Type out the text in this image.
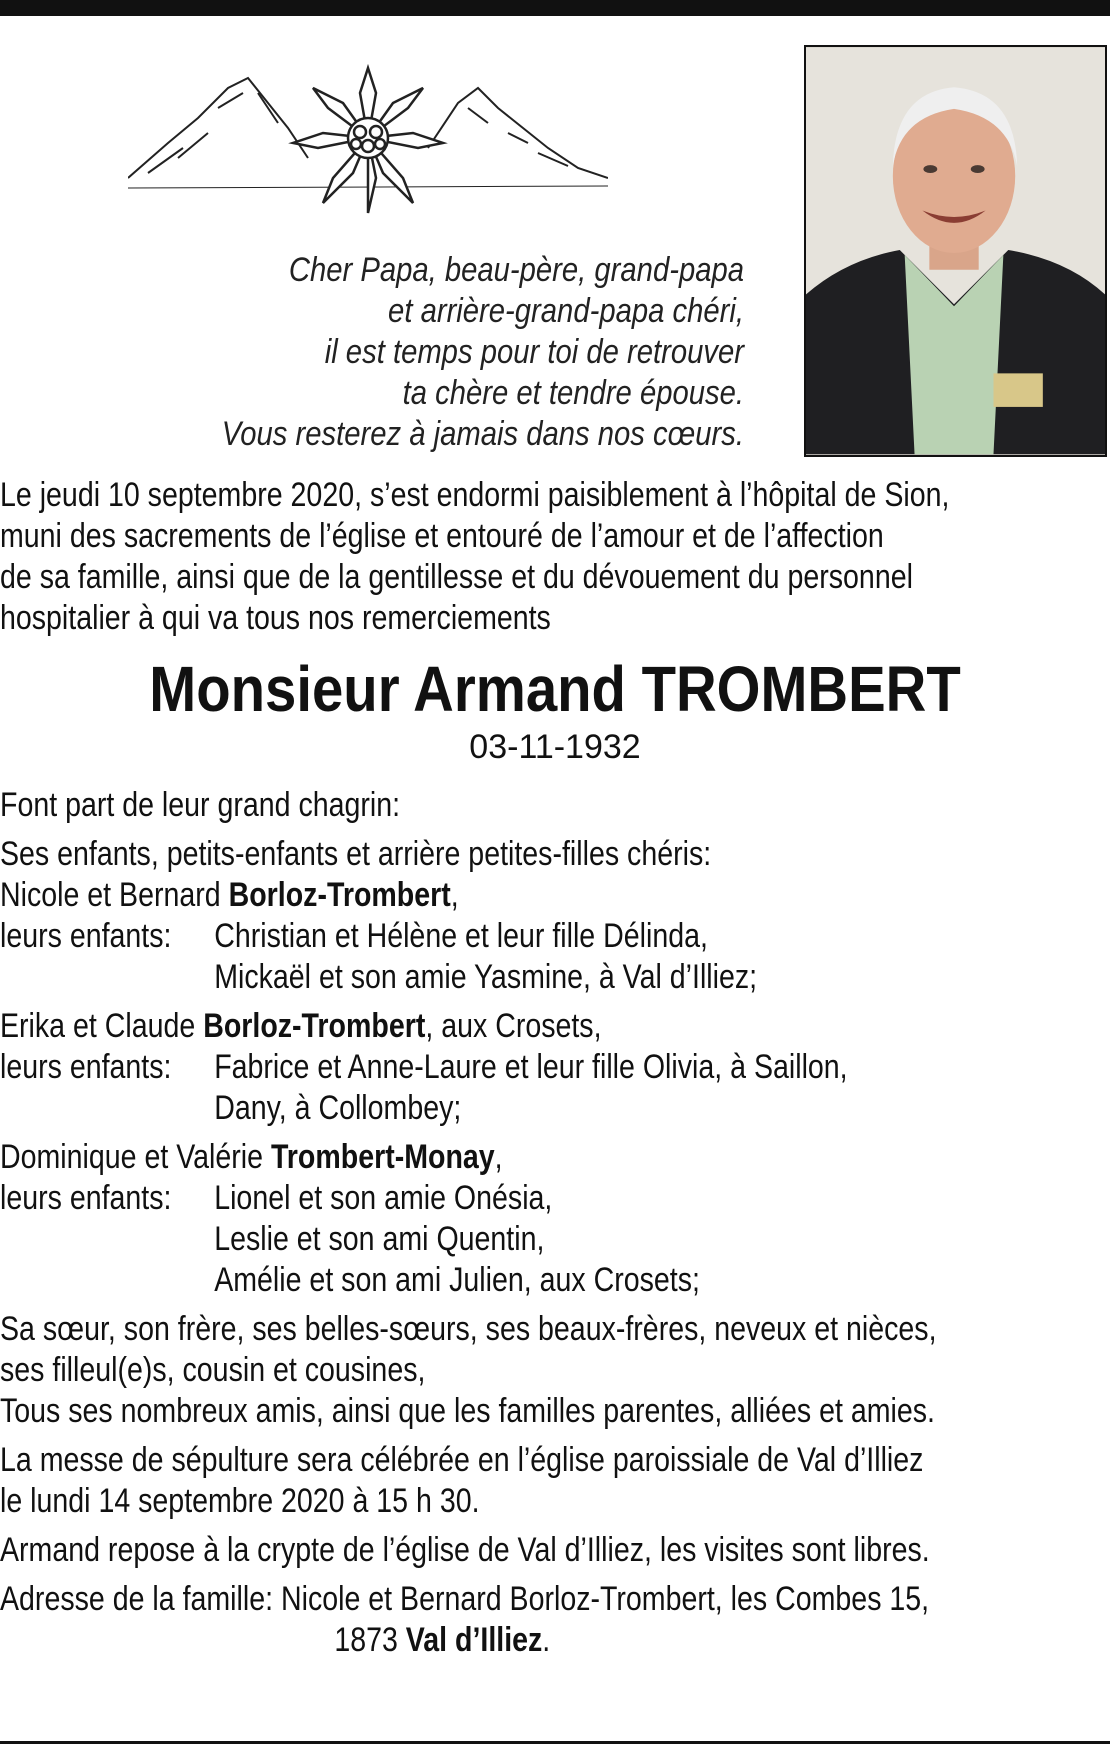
Cher Papa, beau-père, grand-papa
et arrière-grand-papa chéri,
il est temps pour toi de retrouver
ta chère et tendre épouse.
Vous resterez à jamais dans nos cœurs.
Le jeudi 10 septembre 2020, s’est endormi paisiblement à l’hôpital de Sion,
muni des sacrements de l’église et entouré de l’amour et de l’affection
de sa famille, ainsi que de la gentillesse et du dévouement du personnel
hospitalier à qui va tous nos remerciements
Monsieur Armand TROMBERT
03-11-1932
Font part de leur grand chagrin:
Ses enfants, petits-enfants et arrière petites-filles chéris:
Nicole et Bernard Borloz-Trombert,
leurs enfants: Christian et Hélène et leur fille Délinda,
Mickaël et son amie Yasmine, à Val d’Illiez;
Erika et Claude Borloz-Trombert, aux Crosets,
leurs enfants: Fabrice et Anne-Laure et leur fille Olivia, à Saillon,
Dany, à Collombey;
Dominique et Valérie Trombert-Monay,
leurs enfants: Lionel et son amie Onésia,
Leslie et son ami Quentin,
Amélie et son ami Julien, aux Crosets;
Sa sœur, son frère, ses belles-sœurs, ses beaux-frères, neveux et nièces,
ses filleul(e)s, cousin et cousines,
Tous ses nombreux amis, ainsi que les familles parentes, alliées et amies.
La messe de sépulture sera célébrée en l’église paroissiale de Val d’Illiez
le lundi 14 septembre 2020 à 15 h 30.
Armand repose à la crypte de l’église de Val d’Illiez, les visites sont libres.
Adresse de la famille: Nicole et Bernard Borloz-Trombert, les Combes 15,
1873 Val d’Illiez.
